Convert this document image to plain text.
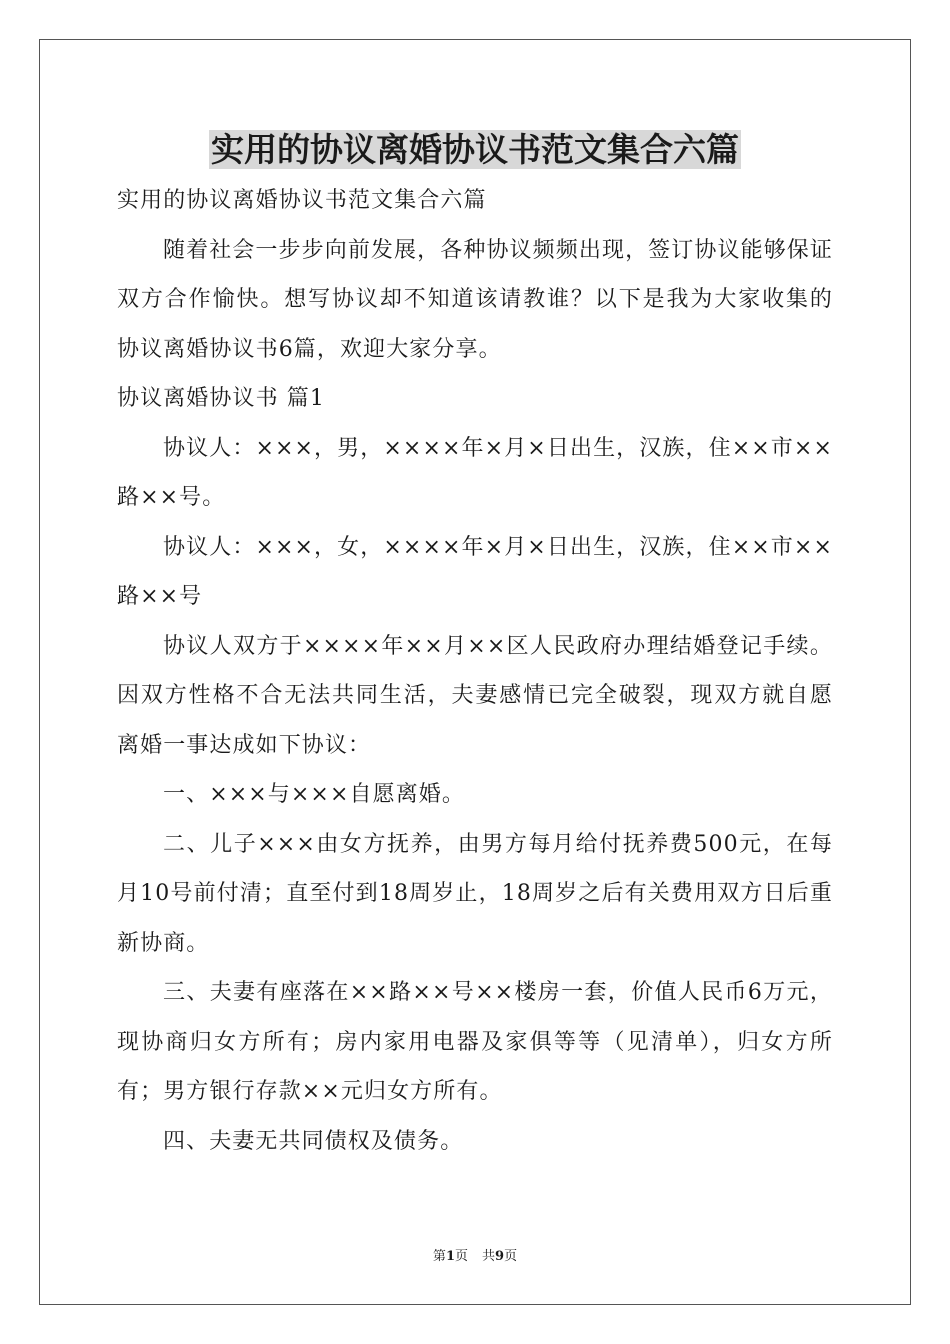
实用的协议离婚协议书范文集合六篇

实用的协议离婚协议书范文集合六篇

随着社会一步步向前发展，各种协议频频出现，签订协议能够保证双方合作愉快。想写协议却不知道该请教谁？以下是我为大家收集的协议离婚协议书6篇，欢迎大家分享。

协议离婚协议书 篇1

协议人：×××，男，××××年×月×日出生，汉族，住××市××路××号。

协议人：×××，女，××××年×月×日出生，汉族，住××市××路××号

协议人双方于××××年××月××区人民政府办理结婚登记手续。因双方性格不合无法共同生活，夫妻感情已完全破裂，现双方就自愿离婚一事达成如下协议：

一、×××与×××自愿离婚。

二、儿子×××由女方抚养，由男方每月给付抚养费500元，在每月10号前付清；直至付到18周岁止，18周岁之后有关费用双方日后重新协商。

三、夫妻有座落在××路××号××楼房一套，价值人民币6万元，现协商归女方所有；房内家用电器及家俱等等（见清单），归女方所有；男方银行存款××元归女方所有。

四、夫妻无共同债权及债务。

第1页 共9页
